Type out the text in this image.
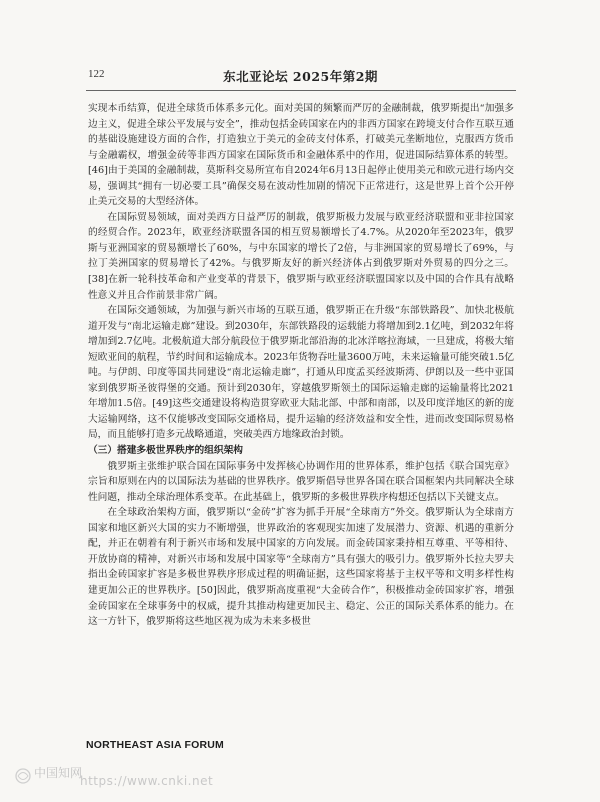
122	东北亚论坛 2025年第2期

实现本币结算，促进全球货币体系多元化。面对美国的频繁而严厉的金融制裁，俄罗斯提出“加强多边主义，促进全球公平发展与安全”，推动包括金砖国家在内的非西方国家在跨境支付合作互联互通的基础设施建设方面的合作，打造独立于美元的金砖支付体系，打破美元垄断地位，克服西方货币与金融霸权，增强金砖等非西方国家在国际货币和金融体系中的作用，促进国际结算体系的转型。[46]由于美国的金融制裁，莫斯科交易所宣布自2024年6月13日起停止使用美元和欧元进行场内交易，强调其“拥有一切必要工具”确保交易在波动性加剧的情况下正常进行，这是世界上首个公开停止美元交易的大型经济体。

在国际贸易领域，面对美西方日益严厉的制裁，俄罗斯极力发展与欧亚经济联盟和亚非拉国家的经贸合作。2023年，欧亚经济联盟各国的相互贸易额增长了4.7%。从2020年至2023年，俄罗斯与亚洲国家的贸易额增长了60%，与中东国家的增长了2倍，与非洲国家的贸易增长了69%，与拉丁美洲国家的贸易增长了42%。与俄罗斯友好的新兴经济体占到俄罗斯对外贸易的四分之三。[38]在新一轮科技革命和产业变革的背景下，俄罗斯与欧亚经济联盟国家以及中国的合作具有战略性意义并且合作前景非常广阔。

在国际交通领域，为加强与新兴市场的互联互通，俄罗斯正在升级“东部铁路段”、加快北极航道开发与“南北运输走廊”建设。到2030年，东部铁路段的运载能力将增加到2.1亿吨，到2032年将增加到2.7亿吨。北极航道大部分航段位于俄罗斯北部沿海的北冰洋喀拉海域，一旦建成，将极大缩短欧亚间的航程，节约时间和运输成本。2023年货物吞吐量3600万吨，未来运输量可能突破1.5亿吨。与伊朗、印度等国共同建设“南北运输走廊”，打通从印度孟买经波斯湾、伊朗以及一些中亚国家到俄罗斯圣彼得堡的交通。预计到2030年，穿越俄罗斯领土的国际运输走廊的运输量将比2021年增加1.5倍。[49]这些交通建设将构造贯穿欧亚大陆北部、中部和南部，以及印度洋地区的新的庞大运输网络，这不仅能够改变国际交通格局，提升运输的经济效益和安全性，进而改变国际贸易格局，而且能够打造多元战略通道，突破美西方地缘政治封锁。

（三）搭建多极世界秩序的组织架构

俄罗斯主张维护联合国在国际事务中发挥核心协调作用的世界体系，维护包括《联合国宪章》宗旨和原则在内的以国际法为基础的世界秩序。俄罗斯倡导世界各国在联合国框架内共同解决全球性问题，推动全球治理体系变革。在此基础上，俄罗斯的多极世界秩序构想还包括以下关键支点。

在全球政治架构方面，俄罗斯以“金砖”扩容为抓手开展“全球南方”外交。俄罗斯认为全球南方国家和地区新兴大国的实力不断增强，世界政治的客观现实加速了发展潜力、资源、机遇的重新分配，并正在朝着有利于新兴市场和发展中国家的方向发展。而金砖国家秉持相互尊重、平等相待、开放协商的精神，对新兴市场和发展中国家等“全球南方”具有强大的吸引力。俄罗斯外长拉夫罗夫指出金砖国家扩容是多极世界秩序形成过程的明确证据，这些国家将基于主权平等和文明多样性构建更加公正的世界秩序。[50]因此，俄罗斯高度重视“大金砖合作”，积极推动金砖国家扩容，增强金砖国家在全球事务中的权威，提升其推动构建更加民主、稳定、公正的国际关系体系的能力。在这一方针下，俄罗斯将这些地区视为成为未来多极世

NORTHEAST ASIA FORUM
中国知网
https://www.cnki.net
